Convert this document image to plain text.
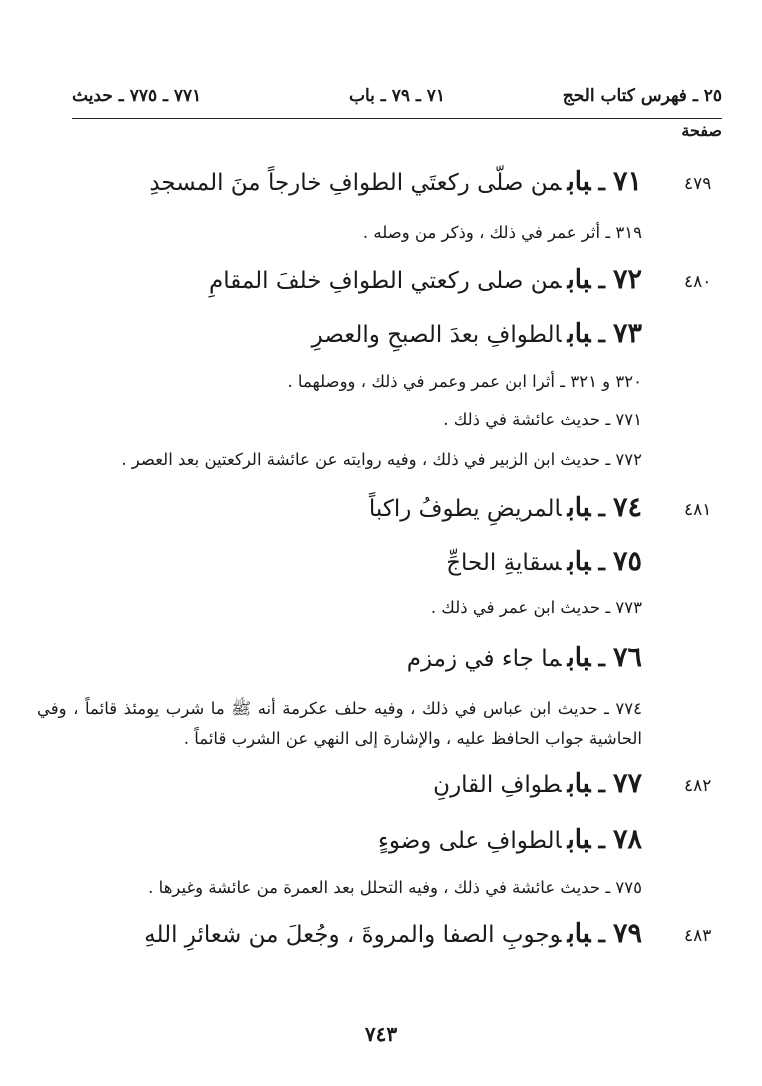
٢٥ ـ فهرس كتاب الحج
٧١ ـ ٧٩ ـ باب
٧٧١ ـ ٧٧٥ ـ حديث
صفحة
٤٧٩
٧١ـبابمن صلّى ركعتَي الطوافِ خارجاً منَ المسجدِ
٣١٩ ـ أثر عمر في ذلك ، وذكر من وصله .
٤٨٠
٧٢ـبابمن صلى ركعتي الطوافِ خلفَ المقامِ
٧٣ـبابالطوافِ بعدَ الصبحِ والعصرِ
٣٢٠ و ٣٢١ ـ أثرا ابن عمر وعمر في ذلك ، ووصلهما .
٧٧١ ـ حديث عائشة في ذلك .
٧٧٢ ـ حديث ابن الزبير في ذلك ، وفيه روايته عن عائشة الركعتين بعد العصر .
٤٨١
٧٤ـبابالمريضِ يطوفُ راكباً
٧٥ـبابسقايةِ الحاجِّ
٧٧٣ ـ حديث ابن عمر في ذلك .
٧٦ـبابما جاء في زمزم
٧٧٤ ـ حديث ابن عباس في ذلك ، وفيه حلف عكرمة أنه ﷺ ما شرب يومئذ قائماً ، وفي الحاشية جواب الحافظ عليه ، والإشارة إلى النهي عن الشرب قائماً .
٤٨٢
٧٧ـبابطوافِ القارنِ
٧٨ـبابالطوافِ على وضوءٍ
٧٧٥ ـ حديث عائشة في ذلك ، وفيه التحلل بعد العمرة من عائشة وغيرها .
٤٨٣
٧٩ـبابوجوبِ الصفا والمروةَ ، وجُعلَ من شعائرِ اللهِ
٧٤٣
